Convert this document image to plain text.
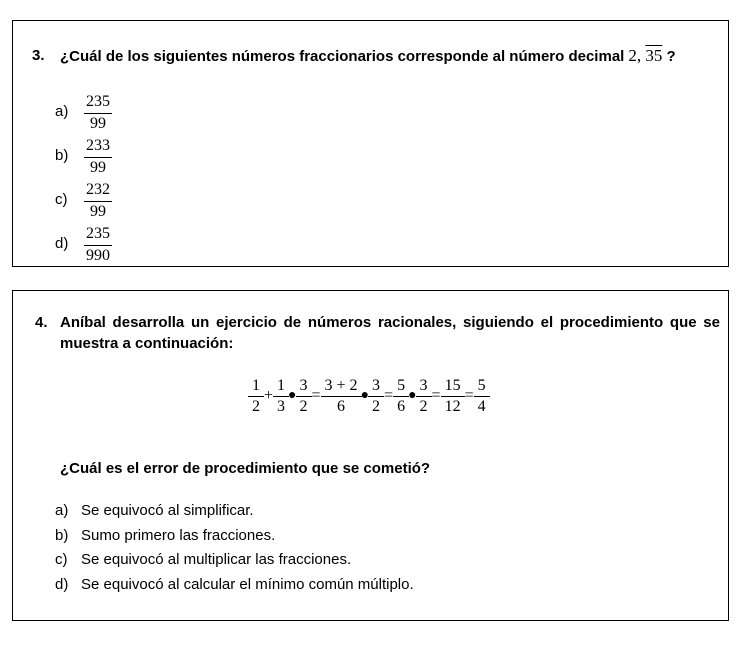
3. ¿Cuál de los siguientes números fraccionarios corresponde al número decimal 2, 35 ?
a)
235
99
b)
233
99
c)
232
99
d)
235
990
4. Aníbal desarrolla un ejercicio de números racionales, siguiendo el procedimiento que se
muestra a continuación:
1
2
+
1
3
●
3
2
=
3 + 2
6
●
3
2
=
5
6
●
3
2
=
15
12
=
5
4
¿Cuál es el error de procedimiento que se cometió?
a) Se equivocó al simplificar.
b) Sumo primero las fracciones.
c) Se equivocó al multiplicar las fracciones.
d) Se equivocó al calcular el mínimo común múltiplo.
